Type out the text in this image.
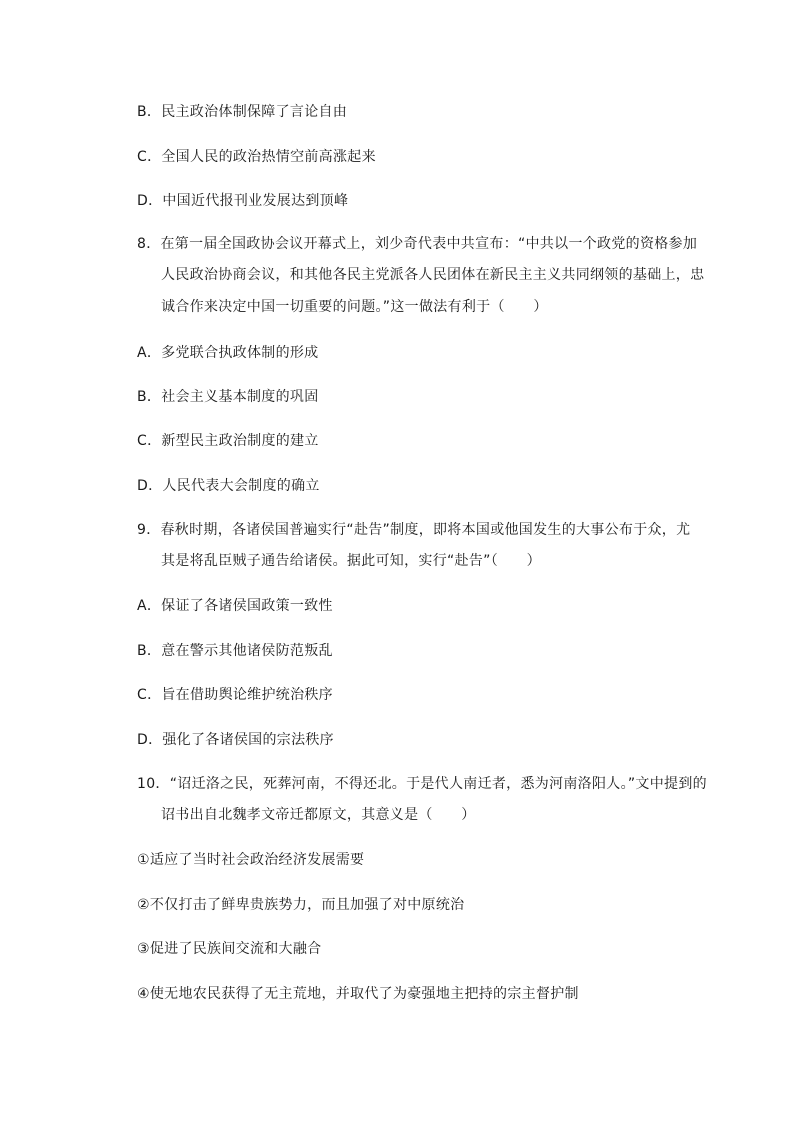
B．民主政治体制保障了言论自由
C．全国人民的政治热情空前高涨起来
D．中国近代报刊业发展达到顶峰
8．在第一届全国政协会议开幕式上，刘少奇代表中共宣布：“中共以一个政党的资格参加
人民政治协商会议，和其他各民主党派各人民团体在新民主主义共同纲领的基础上，忠
诚合作来决定中国一切重要的问题。”这一做法有利于（　　）
A．多党联合执政体制的形成
B．社会主义基本制度的巩固
C．新型民主政治制度的建立
D．人民代表大会制度的确立
9．春秋时期，各诸侯国普遍实行“赴告”制度，即将本国或他国发生的大事公布于众，尤
其是将乱臣贼子通告给诸侯。据此可知，实行“赴告”（　　）
A．保证了各诸侯国政策一致性
B．意在警示其他诸侯防范叛乱
C．旨在借助舆论维护统治秩序
D．强化了各诸侯国的宗法秩序
10．“诏迁洛之民，死葬河南，不得还北。于是代人南迁者，悉为河南洛阳人。”文中提到的
诏书出自北魏孝文帝迁都原文，其意义是（　　）
①适应了当时社会政治经济发展需要
②不仅打击了鲜卑贵族势力，而且加强了对中原统治
③促进了民族间交流和大融合
④使无地农民获得了无主荒地，并取代了为豪强地主把持的宗主督护制
